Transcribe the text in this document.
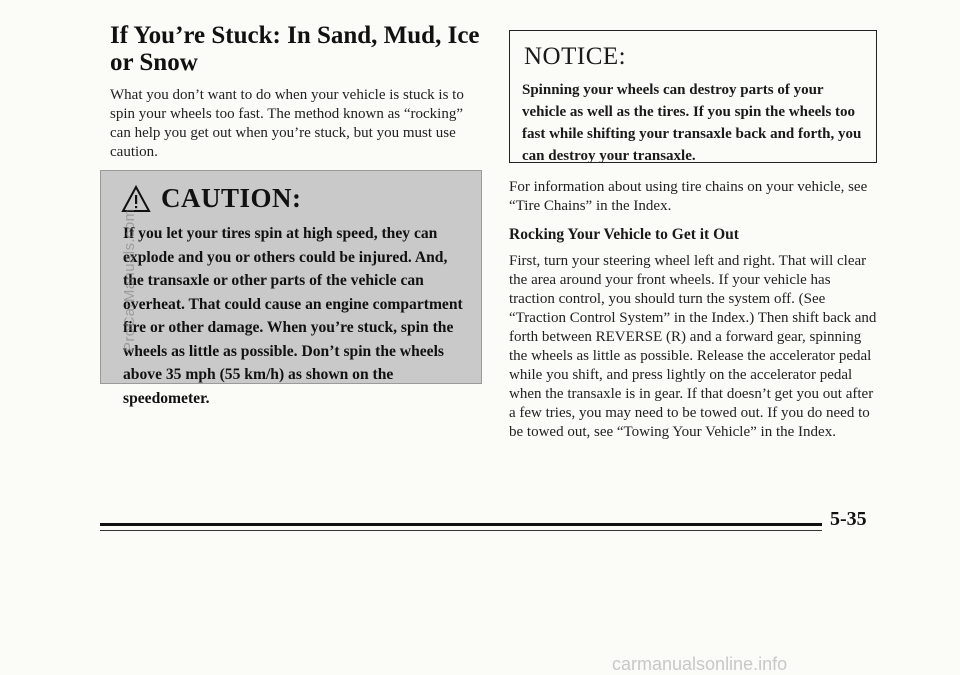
If You’re Stuck: In Sand, Mud, Ice or Snow

What you don’t want to do when your vehicle is stuck is to spin your wheels too fast. The method known as “rocking” can help you get out when you’re stuck, but you must use caution.

CAUTION:

If you let your tires spin at high speed, they can explode and you or others could be injured. And, the transaxle or other parts of the vehicle can overheat. That could cause an engine compartment fire or other damage. When you’re stuck, spin the wheels as little as possible. Don’t spin the wheels above 35 mph (55 km/h) as shown on the speedometer.

ProCarManuals.com
NOTICE:

Spinning your wheels can destroy parts of your vehicle as well as the tires. If you spin the wheels too fast while shifting your transaxle back and forth, you can destroy your transaxle.

For information about using tire chains on your vehicle, see “Tire Chains” in the Index.

Rocking Your Vehicle to Get it Out

First, turn your steering wheel left and right. That will clear the area around your front wheels. If your vehicle has traction control, you should turn the system off. (See “Traction Control System” in the Index.) Then shift back and forth between REVERSE (R) and a forward gear, spinning the wheels as little as possible. Release the accelerator pedal while you shift, and press lightly on the accelerator pedal when the transaxle is in gear. If that doesn’t get you out after a few tries, you may need to be towed out. If you do need to be towed out, see “Towing Your Vehicle” in the Index.

5-35
carmanualsonline.info
